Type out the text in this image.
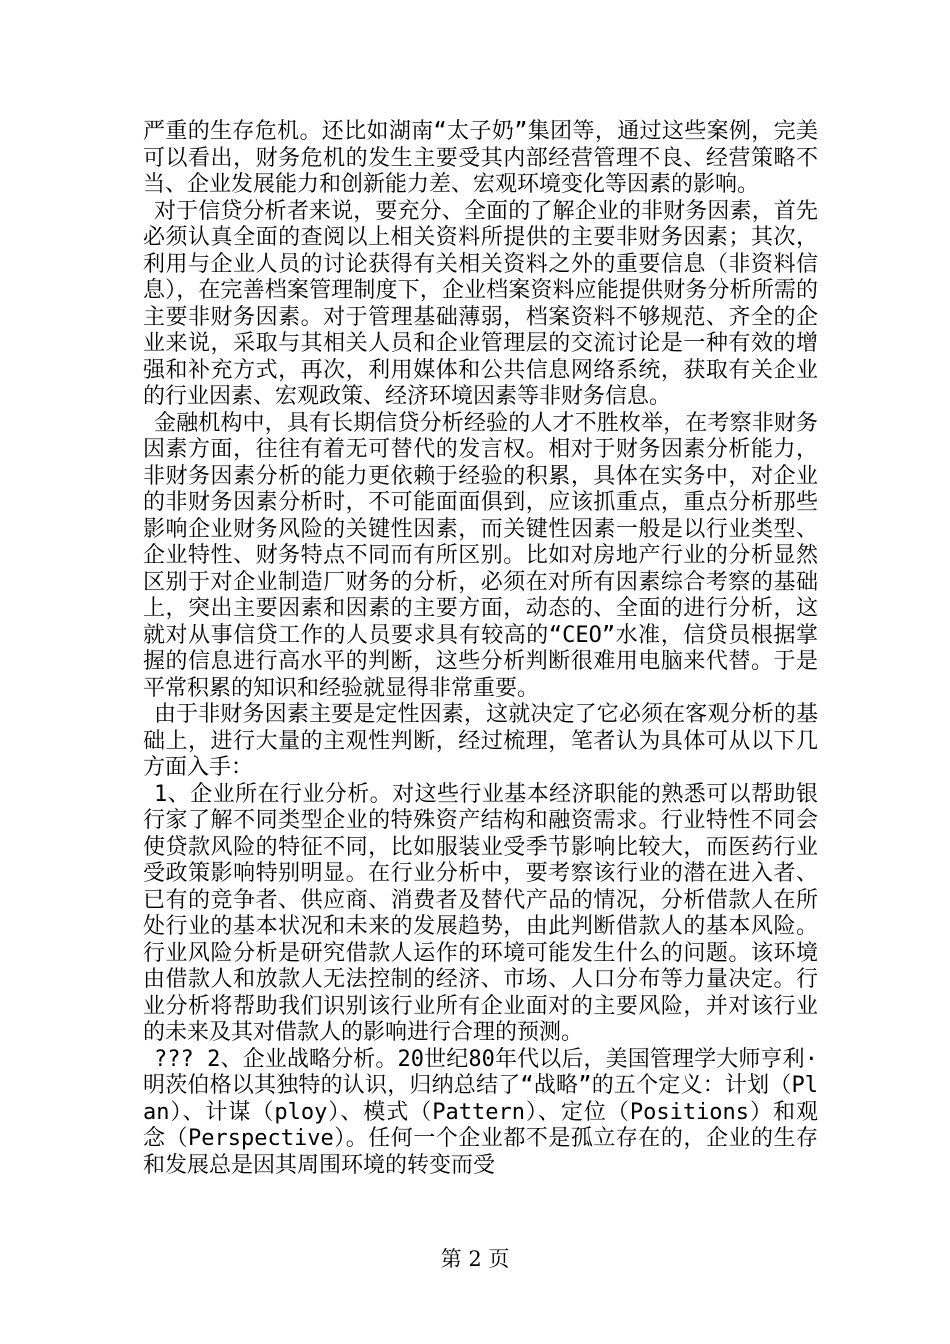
严重的生存危机。还比如湖南“太子奶”集团等，通过这些案例，完美可以看出，财务危机的发生主要受其内部经营管理不良、经营策略不当、企业发展能力和创新能力差、宏观环境变化等因素的影响。

对于信贷分析者来说，要充分、全面的了解企业的非财务因素，首先必须认真全面的查阅以上相关资料所提供的主要非财务因素；其次，利用与企业人员的讨论获得有关相关资料之外的重要信息（非资料信息），在完善档案管理制度下，企业档案资料应能提供财务分析所需的主要非财务因素。对于管理基础薄弱，档案资料不够规范、齐全的企业来说，采取与其相关人员和企业管理层的交流讨论是一种有效的增强和补充方式，再次，利用媒体和公共信息网络系统，获取有关企业的行业因素、宏观政策、经济环境因素等非财务信息。

金融机构中，具有长期信贷分析经验的人才不胜枚举，在考察非财务因素方面，往往有着无可替代的发言权。相对于财务因素分析能力，非财务因素分析的能力更依赖于经验的积累，具体在实务中，对企业的非财务因素分析时，不可能面面俱到，应该抓重点，重点分析那些影响企业财务风险的关键性因素，而关键性因素一般是以行业类型、企业特性、财务特点不同而有所区别。比如对房地产行业的分析显然区别于对企业制造厂财务的分析，必须在对所有因素综合考察的基础上，突出主要因素和因素的主要方面，动态的、全面的进行分析，这就对从事信贷工作的人员要求具有较高的“CEO”水准，信贷员根据掌握的信息进行高水平的判断，这些分析判断很难用电脑来代替。于是平常积累的知识和经验就显得非常重要。

由于非财务因素主要是定性因素，这就决定了它必须在客观分析的基础上，进行大量的主观性判断，经过梳理，笔者认为具体可从以下几方面入手：

1、企业所在行业分析。对这些行业基本经济职能的熟悉可以帮助银行家了解不同类型企业的特殊资产结构和融资需求。行业特性不同会使贷款风险的特征不同，比如服装业受季节影响比较大，而医药行业受政策影响特别明显。在行业分析中，要考察该行业的潜在进入者、已有的竞争者、供应商、消费者及替代产品的情况，分析借款人在所处行业的基本状况和未来的发展趋势，由此判断借款人的基本风险。行业风险分析是研究借款人运作的环境可能发生什么的问题。该环境由借款人和放款人无法控制的经济、市场、人口分布等力量决定。行业分析将帮助我们识别该行业所有企业面对的主要风险，并对该行业的未来及其对借款人的影响进行合理的预测。

??? 2、企业战略分析。20世纪80年代以后，美国管理学大师亨利·明茨伯格以其独特的认识，归纳总结了“战略”的五个定义：计划（Plan）、计谋（ploy）、模式（Pattern）、定位（Positions）和观念（Perspective）。任何一个企业都不是孤立存在的，企业的生存和发展总是因其周围环境的转变而受

第 2 页
